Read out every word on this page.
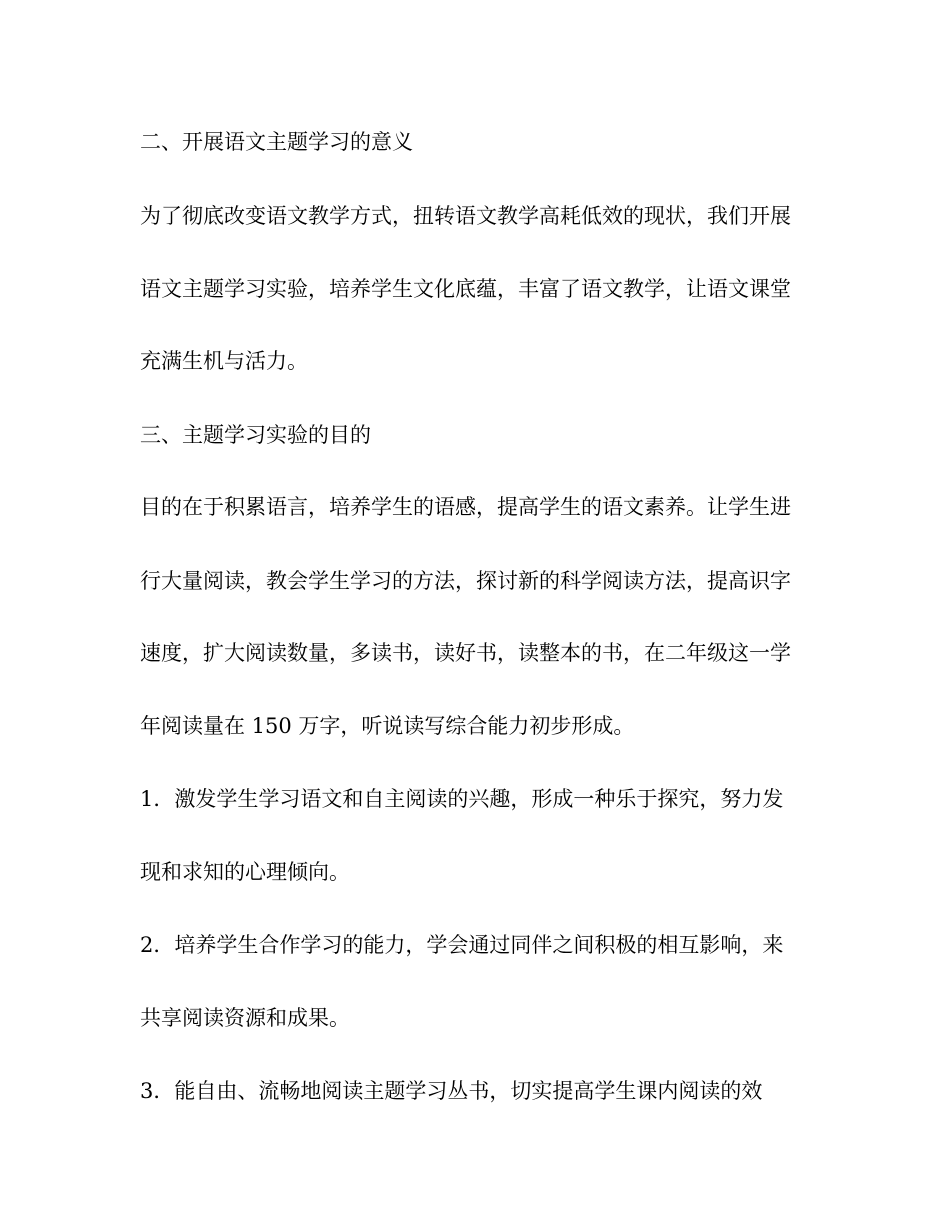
二、开展语文主题学习的意义
为了彻底改变语文教学方式，扭转语文教学高耗低效的现状，我们开展
语文主题学习实验，培养学生文化底蕴，丰富了语文教学，让语文课堂
充满生机与活力。
三、主题学习实验的目的
目的在于积累语言，培养学生的语感，提高学生的语文素养。让学生进
行大量阅读，教会学生学习的方法，探讨新的科学阅读方法，提高识字
速度，扩大阅读数量，多读书，读好书，读整本的书，在二年级这一学
年阅读量在 150 万字，听说读写综合能力初步形成。
1．激发学生学习语文和自主阅读的兴趣，形成一种乐于探究，努力发
现和求知的心理倾向。
2．培养学生合作学习的能力，学会通过同伴之间积极的相互影响，来
共享阅读资源和成果。
3．能自由、流畅地阅读主题学习丛书，切实提高学生课内阅读的效
